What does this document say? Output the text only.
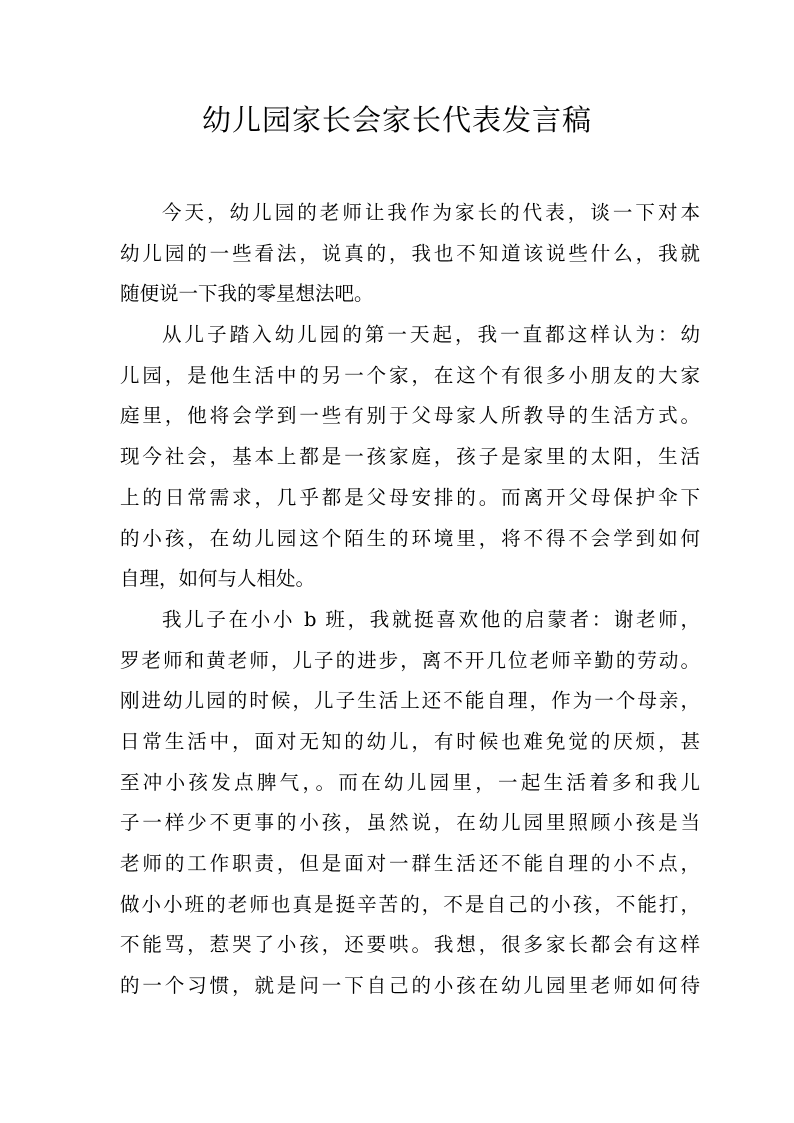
幼儿园家长会家长代表发言稿
今天，幼儿园的老师让我作为家长的代表，谈一下对本
幼儿园的一些看法，说真的，我也不知道该说些什么，我就
随便说一下我的零星想法吧。
从儿子踏入幼儿园的第一天起，我一直都这样认为：幼
儿园，是他生活中的另一个家，在这个有很多小朋友的大家
庭里，他将会学到一些有别于父母家人所教导的生活方式。
现今社会，基本上都是一孩家庭，孩子是家里的太阳，生活
上的日常需求，几乎都是父母安排的。而离开父母保护伞下
的小孩，在幼儿园这个陌生的环境里，将不得不会学到如何
自理，如何与人相处。
我儿子在小小 b 班，我就挺喜欢他的启蒙者：谢老师，
罗老师和黄老师，儿子的进步，离不开几位老师辛勤的劳动。
刚进幼儿园的时候，儿子生活上还不能自理，作为一个母亲，
日常生活中，面对无知的幼儿，有时候也难免觉的厌烦，甚
至冲小孩发点脾气，。而在幼儿园里，一起生活着多和我儿
子一样少不更事的小孩，虽然说，在幼儿园里照顾小孩是当
老师的工作职责，但是面对一群生活还不能自理的小不点，
做小小班的老师也真是挺辛苦的，不是自己的小孩，不能打，
不能骂，惹哭了小孩，还要哄。我想，很多家长都会有这样
的一个习惯，就是问一下自己的小孩在幼儿园里老师如何待
